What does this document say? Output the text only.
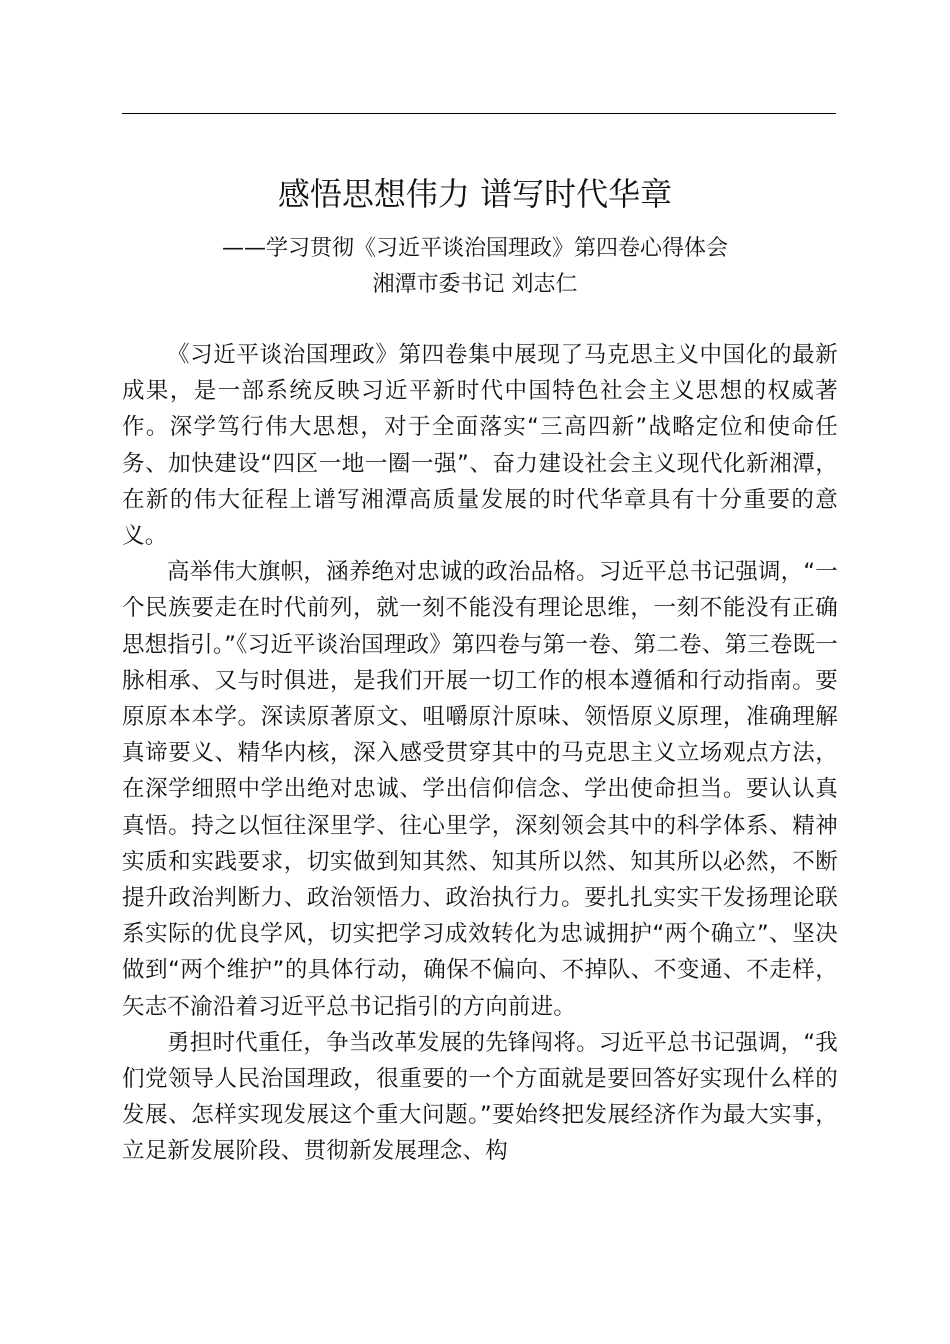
感悟思想伟力 谱写时代华章
——学习贯彻《习近平谈治国理政》第四卷心得体会
湘潭市委书记 刘志仁

《习近平谈治国理政》第四卷集中展现了马克思主义中国化的最新成果，是一部系统反映习近平新时代中国特色社会主义思想的权威著作。深学笃行伟大思想，对于全面落实“三高四新”战略定位和使命任务、加快建设“四区一地一圈一强”、奋力建设社会主义现代化新湘潭，在新的伟大征程上谱写湘潭高质量发展的时代华章具有十分重要的意义。

高举伟大旗帜，涵养绝对忠诚的政治品格。习近平总书记强调，“一个民族要走在时代前列，就一刻不能没有理论思维，一刻不能没有正确思想指引。”《习近平谈治国理政》第四卷与第一卷、第二卷、第三卷既一脉相承、又与时俱进，是我们开展一切工作的根本遵循和行动指南。要原原本本学。深读原著原文、咀嚼原汁原味、领悟原义原理，准确理解真谛要义、精华内核，深入感受贯穿其中的马克思主义立场观点方法，在深学细照中学出绝对忠诚、学出信仰信念、学出使命担当。要认认真真悟。持之以恒往深里学、往心里学，深刻领会其中的科学体系、精神实质和实践要求，切实做到知其然、知其所以然、知其所以必然，不断提升政治判断力、政治领悟力、政治执行力。要扎扎实实干发扬理论联系实际的优良学风，切实把学习成效转化为忠诚拥护“两个确立”、坚决做到“两个维护”的具体行动，确保不偏向、不掉队、不变通、不走样，矢志不渝沿着习近平总书记指引的方向前进。

勇担时代重任，争当改革发展的先锋闯将。习近平总书记强调，“我们党领导人民治国理政，很重要的一个方面就是要回答好实现什么样的发展、怎样实现发展这个重大问题。”要始终把发展经济作为最大实事，立足新发展阶段、贯彻新发展理念、构
